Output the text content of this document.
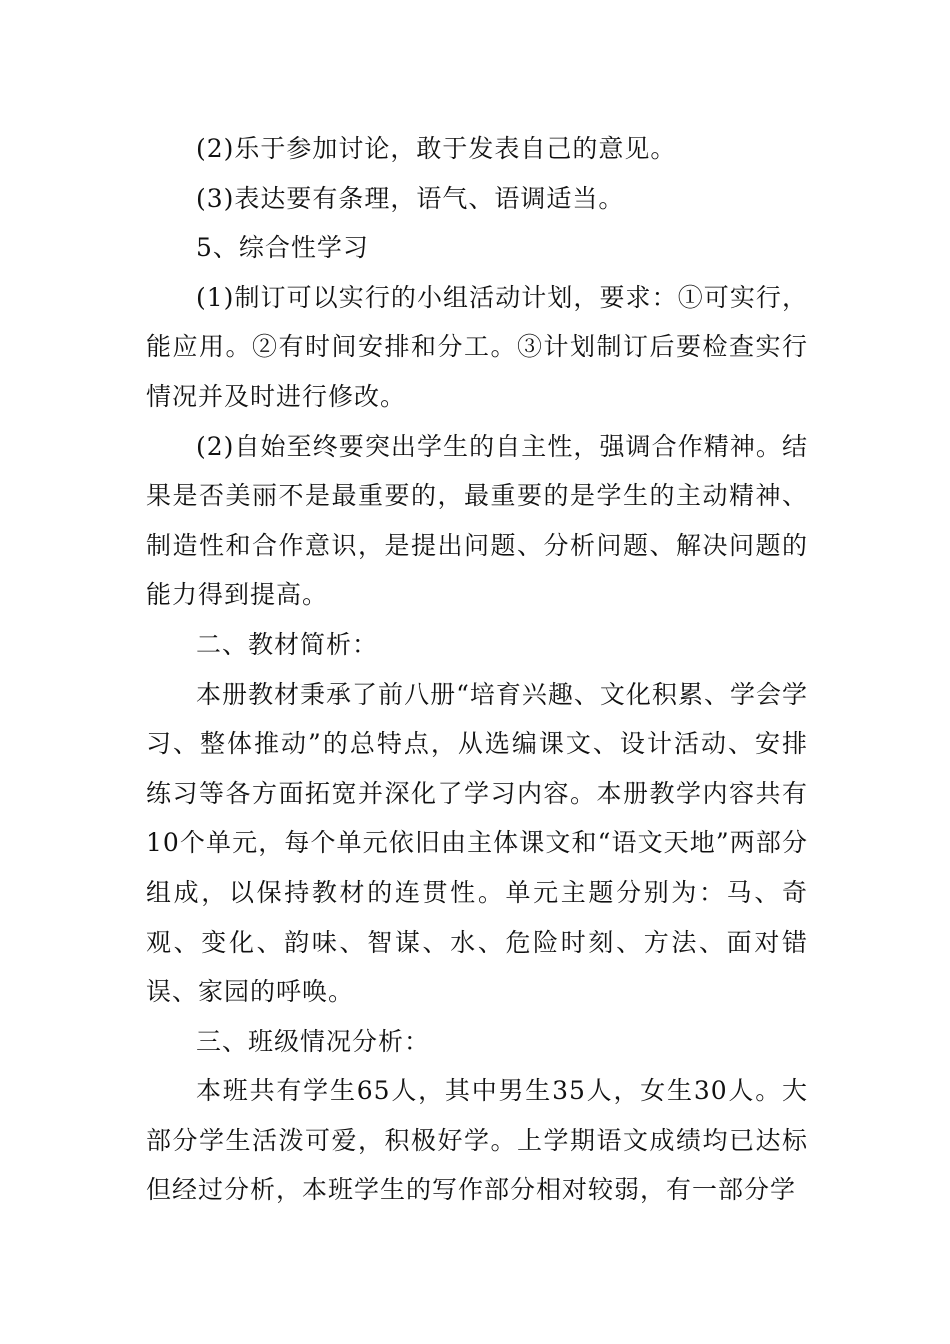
(2)乐于参加讨论，敢于发表自己的意见。

(3)表达要有条理，语气、语调适当。

5、综合性学习

(1)制订可以实行的小组活动计划，要求：①可实行，能应用。②有时间安排和分工。③计划制订后要检查实行情况并及时进行修改。

(2)自始至终要突出学生的自主性，强调合作精神。结果是否美丽不是最重要的，最重要的是学生的主动精神、制造性和合作意识，是提出问题、分析问题、解决问题的能力得到提高。

二、教材简析：

本册教材秉承了前八册“培育兴趣、文化积累、学会学习、整体推动”的总特点，从选编课文、设计活动、安排练习等各方面拓宽并深化了学习内容。本册教学内容共有10个单元，每个单元依旧由主体课文和“语文天地”两部分组成，以保持教材的连贯性。单元主题分别为：马、奇观、变化、韵味、智谋、水、危险时刻、方法、面对错误、家园的呼唤。

三、班级情况分析：

本班共有学生65人，其中男生35人，女生30人。大部分学生活泼可爱，积极好学。上学期语文成绩均已达标但经过分析，本班学生的写作部分相对较弱，有一部分学
